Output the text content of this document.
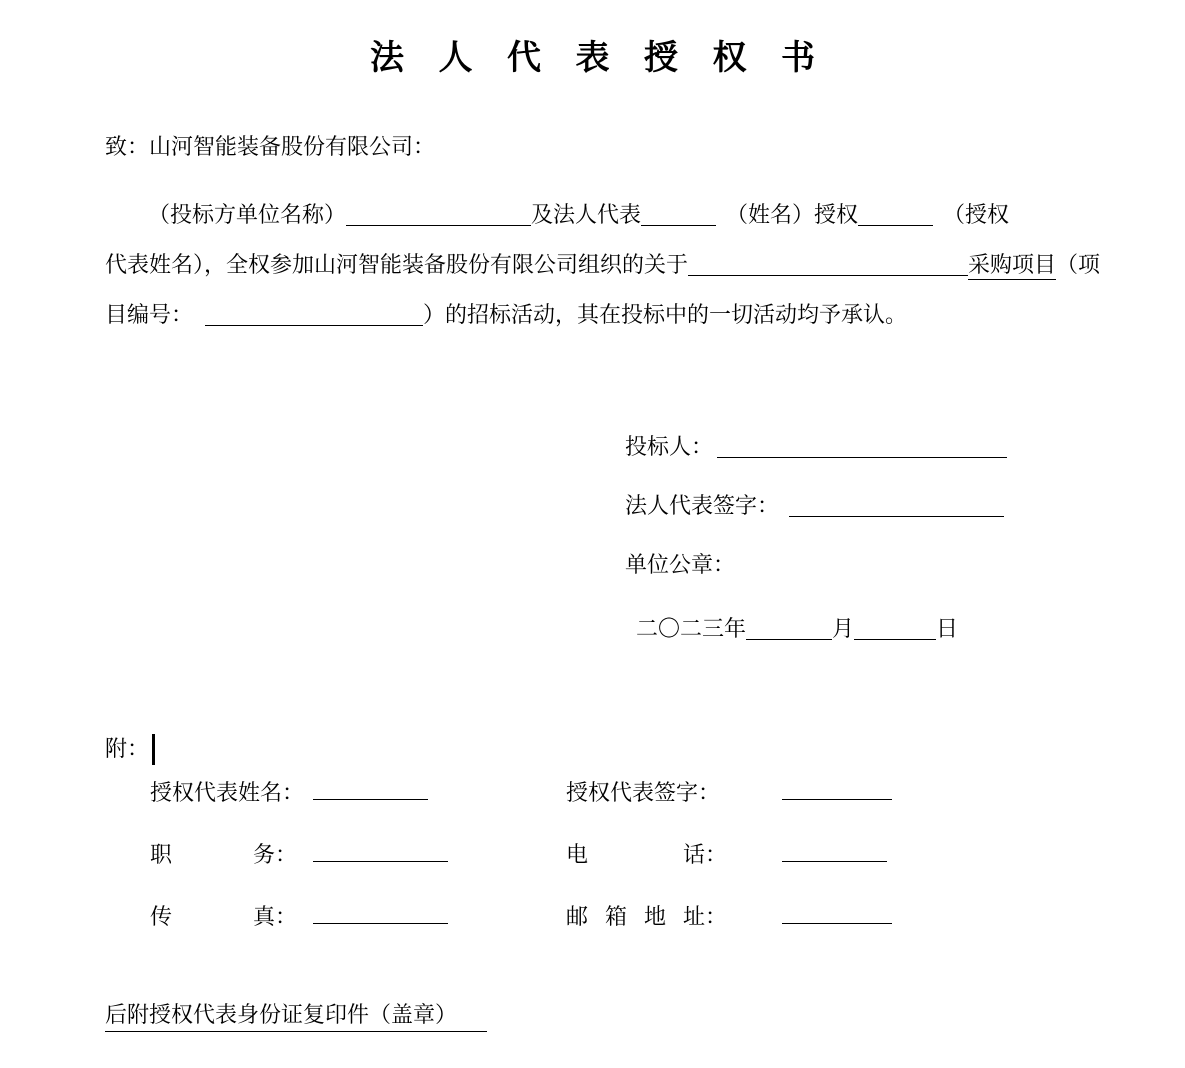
法 人 代 表 授 权 书
致：山河智能装备股份有限公司：
（投标方单位名称）	及法人代表	（姓名）授权	（授权
代表姓名），全权参加山河智能装备股份有限公司组织的关于	采购项目（项
目编号：	）的招标活动，其在投标中的一切活动均予承认。
投标人：
法人代表签字：
单位公章：
二〇二三年	月	日
附：
授权代表姓名：	授权代表签字：
职	务：	电	话：
传	真：	邮 箱 地 址：
后附授权代表身份证复印件（盖章）
